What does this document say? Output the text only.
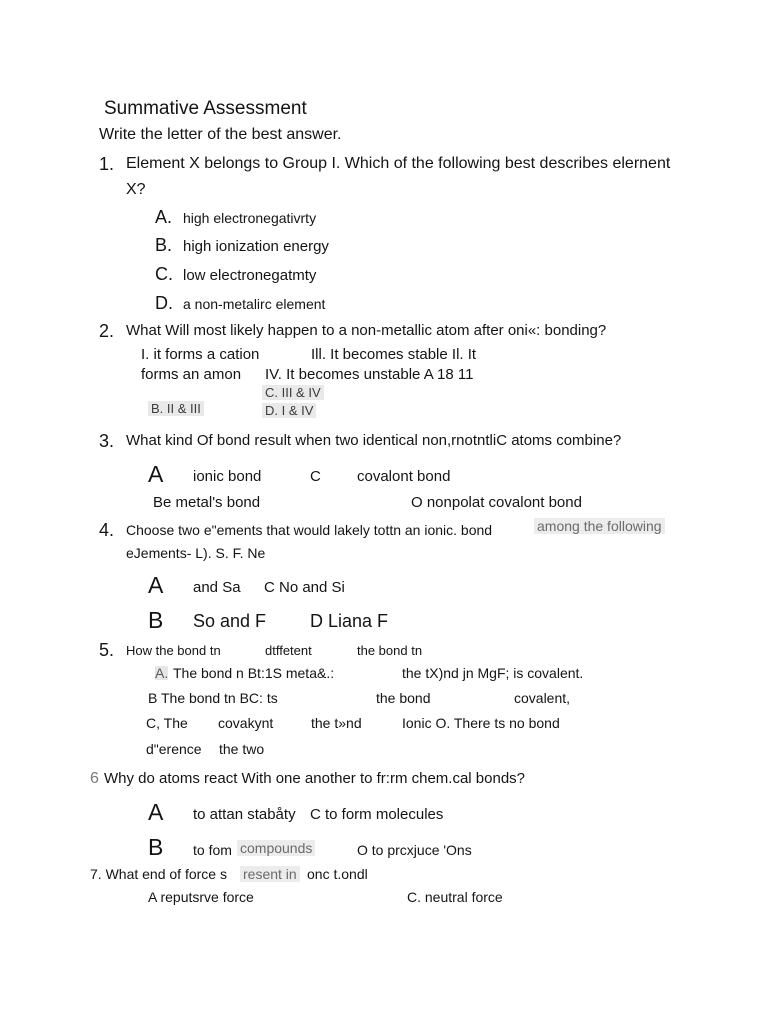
Summative Assessment
Write the letter of the best answer.
1. Element X belongs to Group I. Which of the following best describes elernent
X?
A. high electronegativrty
B. high ionization energy
C. low electronegatmty
D. a non-metalirc element
2. What Will most likely happen to a non-metallic atom after oni«: bonding?
I. it forms a cation	Ill. It becomes stable Il. It
forms an amon IV. It becomes unstable A 18 11
C. III & IV
B. II & III	D. I & IV
3. What kind Of bond result when two identical non,rnotntliC atoms combine?
A ionic bond	C covalont bond
Be metal's bond	O nonpolat covalont bond
4. Choose two e"ements that would lakely tottn an ionic. bond	among the following
eJements- L). S. F. Ne
A and Sa C No and Si
B So and F D Liana F
5. How the bond tn	dtffetent	the bond tn
A. The bond n Bt:1S meta&.:	the tX)nd jn MgF; is covalent.
B The bond tn BC: ts	the bond	covalent,
C, The covakynt	the t»nd	Ionic O. There ts no bond
d"erence the two
6 Why do atoms react With one another to fr:rm chem.cal bonds?
A to attan stabåty C to form molecules
B to fom compounds	O to prcxjuce 'Ons
7. What end of force s resent in onc t.ondl
A reputsrve force	C. neutral force
